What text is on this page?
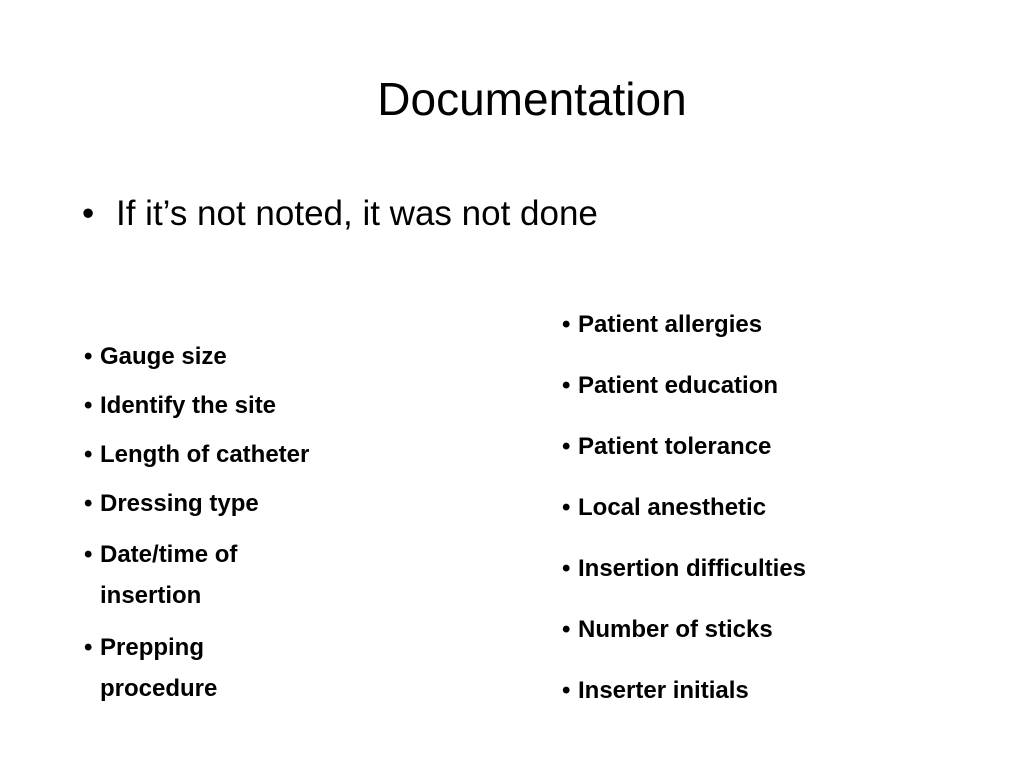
Documentation
• If it’s not noted, it was not done
• Gauge size
• Identify the site
• Length of catheter
• Dressing type
• Date/time of insertion
• Prepping procedure
• Patient allergies
• Patient education
• Patient tolerance
• Local anesthetic
• Insertion difficulties
• Number of sticks
• Inserter initials
